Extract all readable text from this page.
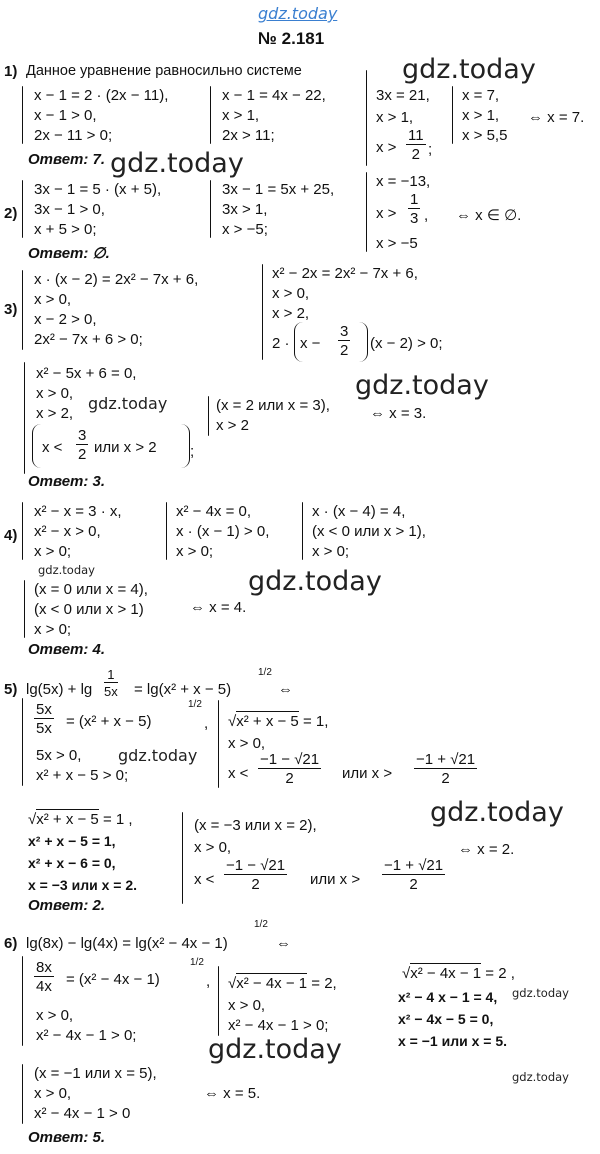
gdz.today
№ 2.181
1) Данное уравнение равносильно системе
x − 1 = 2 · (2x − 11),
x − 1 > 0,
2x − 11 > 0;
x − 1 = 4x − 22,
x > 1,
2x > 11;
3x = 21,
x > 1,
$x > \frac{11}{2}$ ;
x = 7,
x > 1,
x > 5,5
⇔ x = 7.
Ответ: 7.
2)
3x − 1 = 5 · (x + 5),
3x − 1 > 0,
x + 5 > 0;
3x − 1 = 5x + 25,
3x > 1,
x > −5;
x = −13,
$x > \frac{1}{3}$ ,
x > −5
⇔ x ∈ ∅.
Ответ: ∅.
3)
x · (x − 2) = 2x² − 7x + 6,
x > 0,
x − 2 > 0,
2x² − 7x + 6 > 0;
x² − 2x = 2x² − 7x + 6,
x > 0,
x > 2,
$2 \cdot x - \frac{3}{2} (x - 2) > 0$;
x² − 5x + 6 = 0,
x > 0,
x > 2,
$x < \frac{3}{2}$ или x > 2 ;
(x = 2 или x = 3),
x > 2
⇔ x = 3.
Ответ: 3.
4)
x² − x = 3 · x,
x² − x > 0,
x > 0;
x² − 4x = 0,
x · (x − 1) > 0,
x > 0;
x · (x − 4) = 4,
(x < 0 или x > 1),
x > 0;
(x = 0 или x = 4),
(x < 0 или x > 1)
x > 0;
⇔ x = 4.
Ответ: 4.
5) $\lg(5x) + \lg \frac{1}{5x} = \lg(x^2 + x - 5)$
1/2
⇔
$\frac{5x}{5x} = (x^2 + x - 5)$
1/2
,
5x > 0,
x² + x − 5 > 0;
√x² + x − 5 = 1,
x > 0,
$x < \frac{-1 - √21}{2}$ или $x > \frac{-1 + √21}{2}$
√x² + x − 5 = 1 ,
x² + x − 5 = 1,
x² + x − 6 = 0,
x = −3 или x = 2.
(x = −3 или x = 2),
x > 0,
$x < \frac{-1 - √21}{2}$ или $x > \frac{-1 + √21}{2}$
⇔ x = 2.
Ответ: 2.
6) lg(8x) − lg(4x) = lg(x² − 4x − 1)
1/2
⇔
$\frac{8x}{4x} = (x^2 - 4x - 1)$
1/2
,
x > 0,
x² − 4x − 1 > 0;
√x² − 4x − 1 = 2,
x > 0,
x² − 4x − 1 > 0;
√x² − 4x − 1 = 2 ,
x² − 4 x − 1 = 4,
x² − 4x − 5 = 0,
x = −1 или x = 5.
(x = −1 или x = 5),
x > 0,
x² − 4x − 1 > 0
⇔ x = 5.
Ответ: 5.
gdz.today
gdz.today
gdz.today
gdz.today
gdz.today	gdz.today
gdz.today
gdz.today
gdz.today
gdz.today
gdz.today
